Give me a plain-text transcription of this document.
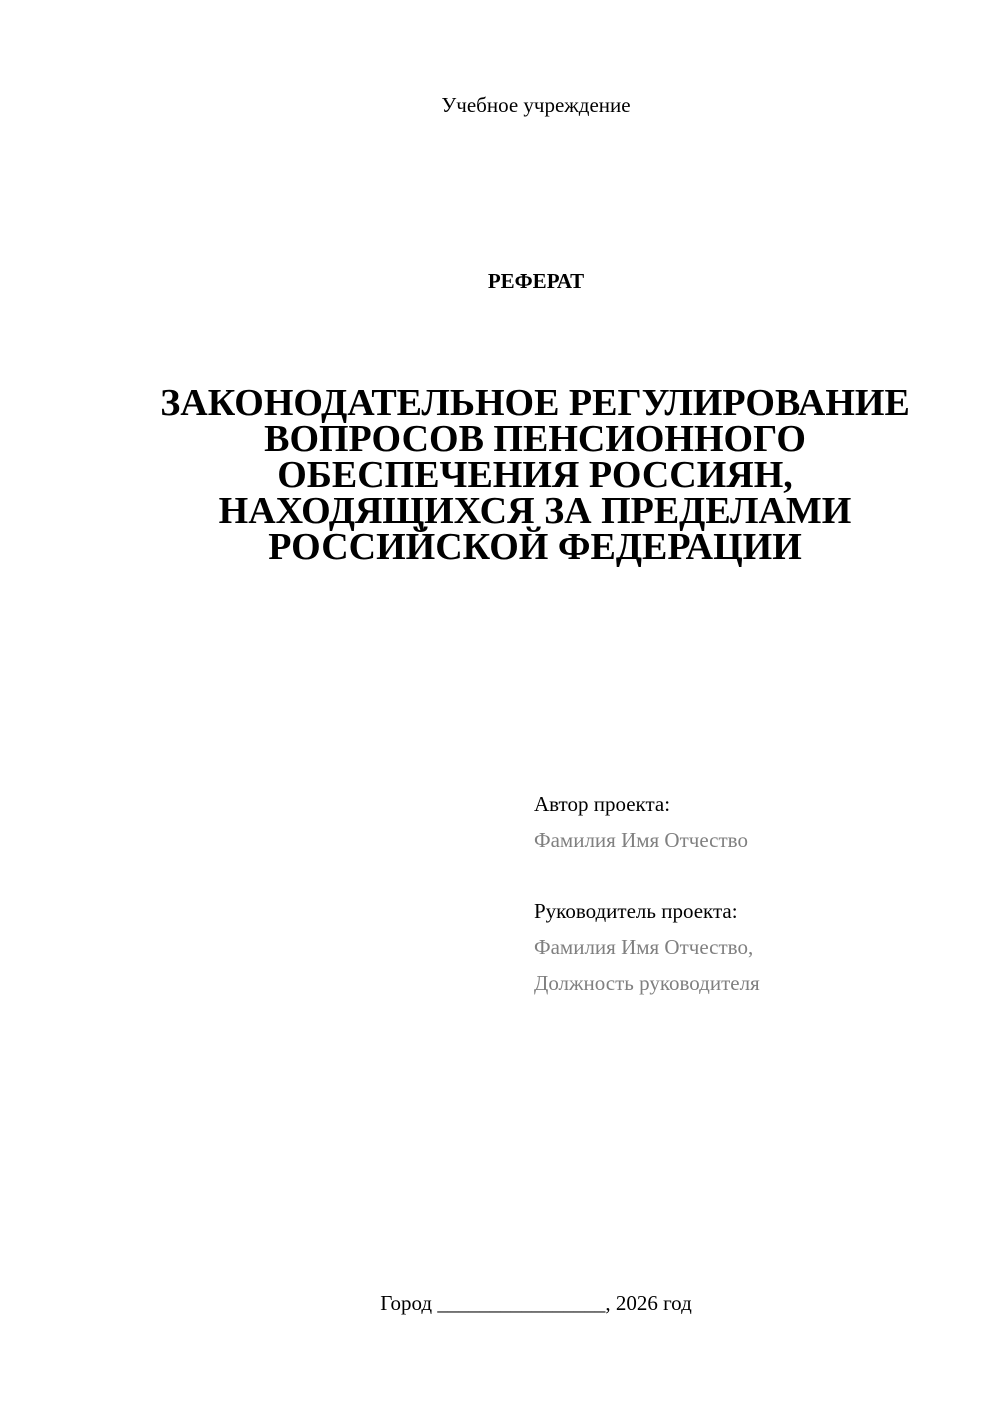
Учебное учреждение
РЕФЕРАТ
ЗАКОНОДАТЕЛЬНОЕ РЕГУЛИРОВАНИЕ
ВОПРОСОВ ПЕНСИОННОГО
ОБЕСПЕЧЕНИЯ РОССИЯН,
НАХОДЯЩИХСЯ ЗА ПРЕДЕЛАМИ
РОССИЙСКОЙ ФЕДЕРАЦИИ
Автор проекта:
Фамилия Имя Отчество
Руководитель проекта:
Фамилия Имя Отчество,
Должность руководителя
Город ________________, 2026 год
